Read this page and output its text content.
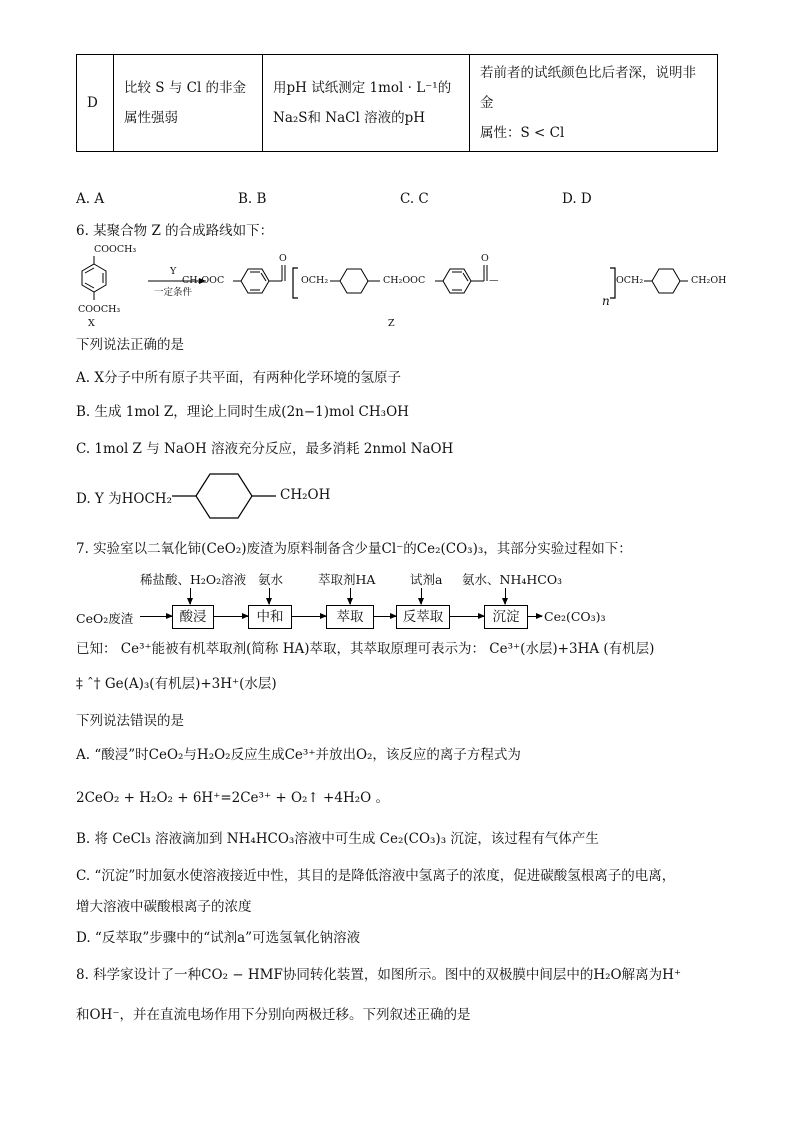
D	
比较 S 与 Cl 的非金
属性强弱

用pH 试纸测定 1mol · L⁻¹的
Na₂S和 NaCl 溶液的pH

若前者的试纸颜色比后者深，说明非金
属性：S < Cl
A. A	B. B	C. C	D. D
6. 某聚合物 Z 的合成路线如下：
COOCH₃
COOCH₃
X
Y
一定条件
CH₃OOC
O
OCH₂	CH₂OOC
O
—	OCH₂	CH₂OH
n
Z
下列说法正确的是
A. X分子中所有原子共平面，有两种化学环境的氢原子
B. 生成 1mol Z，理论上同时生成(2n−1)mol CH₃OH
C. 1mol Z 与 NaOH 溶液充分反应，最多消耗 2nmol NaOH
D. Y 为HOCH₂	CH₂OH
7. 实验室以二氧化铈(CeO₂)废渣为原料制备含少量Cl⁻的Ce₂(CO₃)₃，其部分实验过程如下：
稀盐酸、H₂O₂溶液 氨水	萃取剂HA	试剂a 氨水、NH₄HCO₃
CeO₂废渣	酸浸	中和	萃取	反萃取	沉淀	Ce₂(CO₃)₃
已知： Ce³⁺能被有机萃取剂(简称 HA)萃取，其萃取原理可表示为： Ce³⁺(水层)+3HA (有机层)
‡ ˆ† Ge(A)₃(有机层)+3H⁺(水层)
下列说法错误的是
A. “酸浸”时CeO₂与H₂O₂反应生成Ce³⁺并放出O₂，该反应的离子方程式为
2CeO₂ + H₂O₂ + 6H⁺=2Ce³⁺ + O₂↑ +4H₂O 。
B. 将 CeCl₃ 溶液滴加到 NH₄HCO₃溶液中可生成 Ce₂(CO₃)₃ 沉淀，该过程有气体产生
C. “沉淀”时加氨水使溶液接近中性，其目的是降低溶液中氢离子的浓度，促进碳酸氢根离子的电离，
增大溶液中碳酸根离子的浓度
D. “反萃取”步骤中的“试剂a”可选氢氧化钠溶液
8. 科学家设计了一种CO₂ − HMF协同转化装置，如图所示。图中的双极膜中间层中的H₂O解离为H⁺
和OH⁻，并在直流电场作用下分别向两极迁移。下列叙述正确的是
